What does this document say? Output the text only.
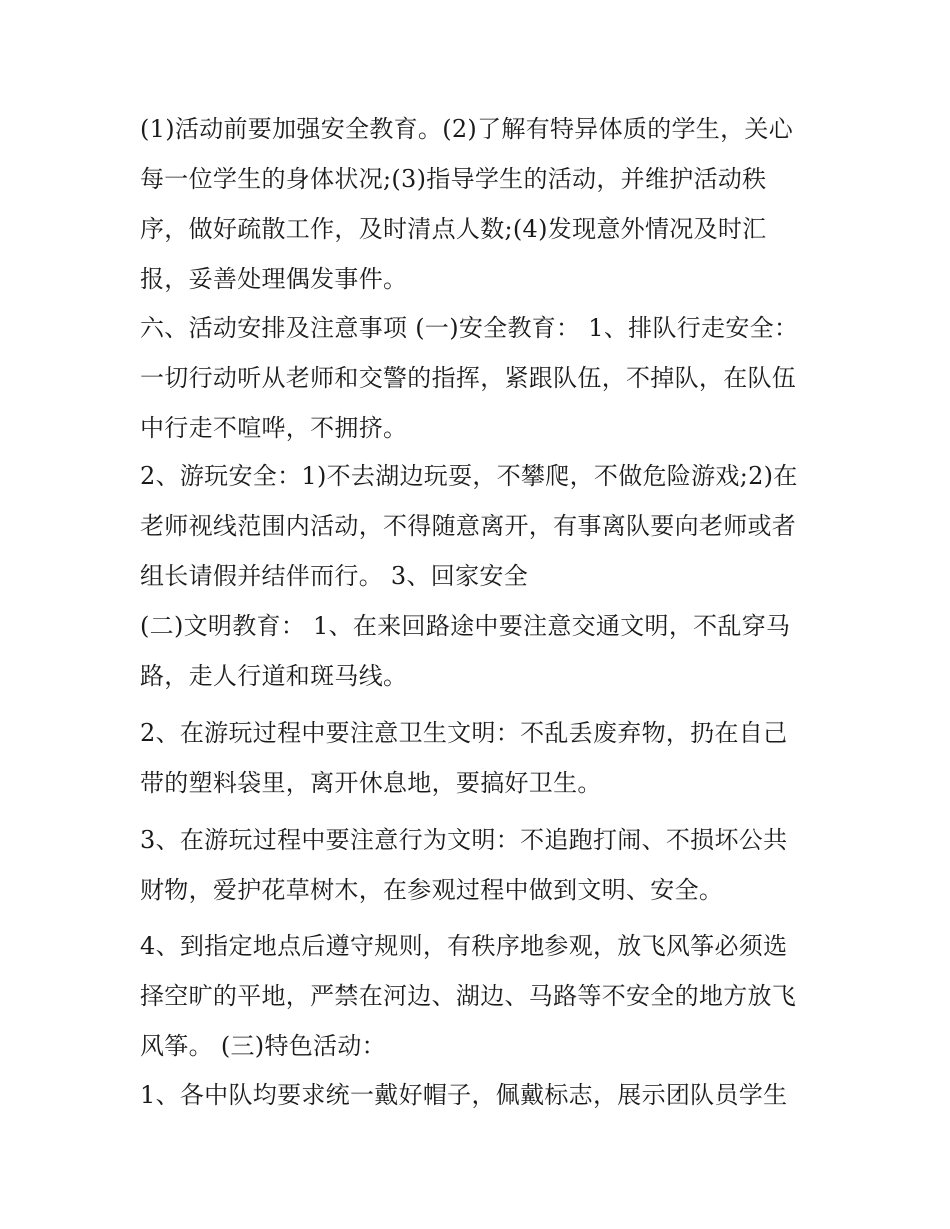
(1)活动前要加强安全教育。(2)了解有特异体质的学生，关心
每一位学生的身体状况;(3)指导学生的活动，并维护活动秩
序，做好疏散工作，及时清点人数;(4)发现意外情况及时汇
报，妥善处理偶发事件。
六、活动安排及注意事项 (一)安全教育： 1、排队行走安全：
一切行动听从老师和交警的指挥，紧跟队伍，不掉队，在队伍
中行走不喧哗，不拥挤。
2、游玩安全：1)不去湖边玩耍，不攀爬，不做危险游戏;2)在
老师视线范围内活动，不得随意离开，有事离队要向老师或者
组长请假并结伴而行。 3、回家安全
(二)文明教育： 1、在来回路途中要注意交通文明，不乱穿马
路，走人行道和斑马线。
2、在游玩过程中要注意卫生文明：不乱丢废弃物，扔在自己
带的塑料袋里，离开休息地，要搞好卫生。
3、在游玩过程中要注意行为文明：不追跑打闹、不损坏公共
财物，爱护花草树木，在参观过程中做到文明、安全。
4、到指定地点后遵守规则，有秩序地参观，放飞风筝必须选
择空旷的平地，严禁在河边、湖边、马路等不安全的地方放飞
风筝。 (三)特色活动：
1、各中队均要求统一戴好帽子，佩戴标志，展示团队员学生
